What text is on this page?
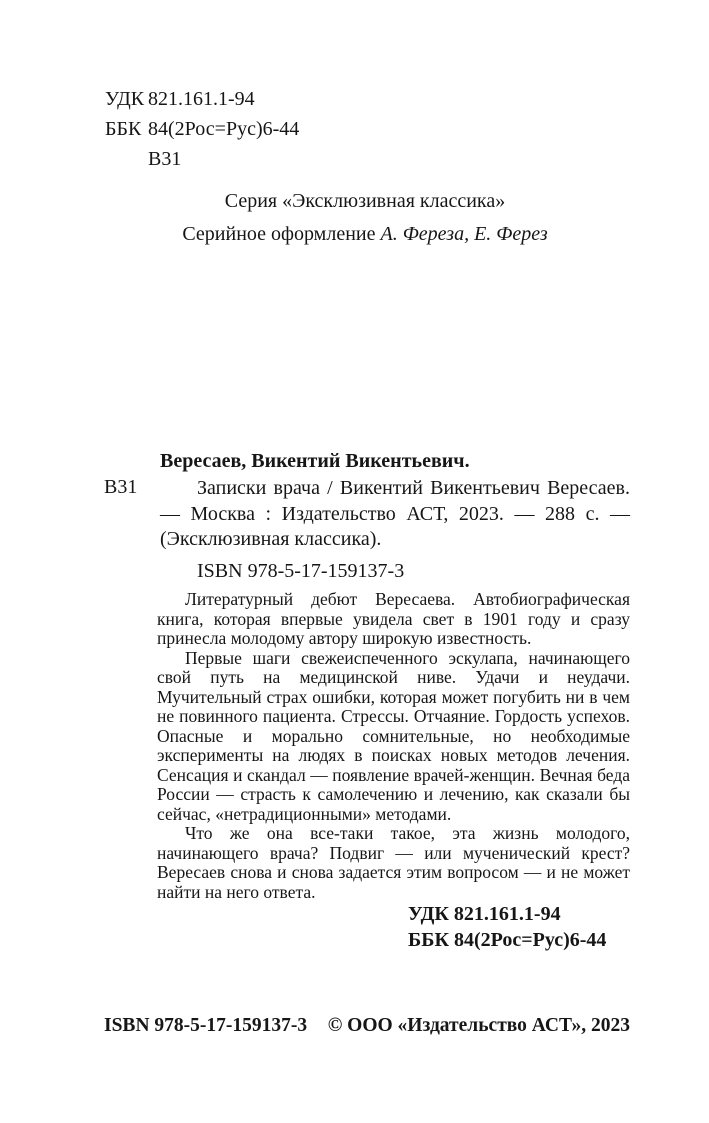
УДК 821.161.1-94
ББК 84(2Рос=Рус)6-44
В31
Серия «Эксклюзивная классика»
Серийное оформление А. Фереза, Е. Ферез
Вересаев, Викентий Викентьевич.
В31	Записки врача / Викентий Викентьевич Вересаев. — Москва : Издательство АСТ, 2023. — 288 с. — (Эксклюзивная классика).
ISBN 978-5-17-159137-3

Литературный дебют Вересаева. Автобиографическая книга, которая впервые увидела свет в 1901 году и сразу принесла молодому автору широкую известность.

Первые шаги свежеиспеченного эскулапа, начинающего свой путь на медицинской ниве. Удачи и неудачи. Мучительный страх ошибки, которая может погубить ни в чем не повинного пациента. Стрессы. Отчаяние. Гордость успехов. Опасные и морально сомнительные, но необходимые эксперименты на людях в поисках новых методов лечения. Сенсация и скандал — появление врачей-женщин. Вечная беда России — страсть к самолечению и лечению, как сказали бы сейчас, «нетрадиционными» методами.

Что же она все-таки такое, эта жизнь молодого, начинающего врача? Подвиг — или мученический крест? Вересаев снова и снова задается этим вопросом — и не может найти на него ответа.

УДК 821.161.1-94
ББК 84(2Рос=Рус)6-44
ISBN 978-5-17-159137-3 © ООО «Издательство АСТ», 2023
